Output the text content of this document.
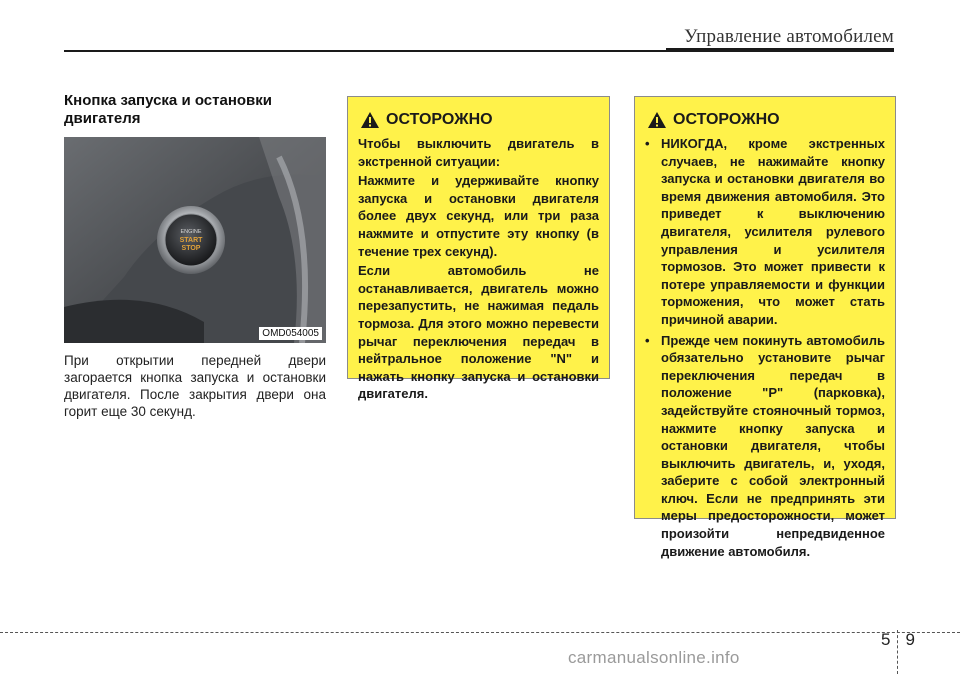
Управление автомобилем
Кнопка запуска и остановки
двигателя
ENGINE
START
STOP
OMD054005
При открытии передней двери загорается кнопка запуска и остановки двигателя. После закрытия двери она горит еще 30 секунд.
ОСТОРОЖНО

Чтобы выключить двигатель в экстренной ситуации:

Нажмите и удерживайте кнопку запуска и остановки двигателя более двух секунд, или три раза нажмите и отпустите эту кнопку (в течение трех секунд).

Если автомобиль не останавливается, двигатель можно перезапустить, не нажимая педаль тормоза. Для этого можно перевести рычаг переключения передач в нейтральное положение "N" и нажать кнопку запуска и остановки двигателя.

ОСТОРОЖНО
• НИКОГДА, кроме экстренных случаев, не нажимайте кнопку запуска и остановки двигателя во время движения автомобиля. Это приведет к выключению двигателя, усилителя рулевого управления и усилителя тормозов. Это может привести к потере управляемости и функции торможения, что может стать причиной аварии.
• Прежде чем покинуть автомобиль обязательно установите рычаг переключения передач в положение "P" (парковка), задействуйте стояночный тормоз, нажмите кнопку запуска и остановки двигателя, чтобы выключить двигатель, и, уходя, заберите с собой электронный ключ. Если не предпринять эти меры предосторожности, может произойти непредвиденное движение автомобиля.
5 9
carmanualsonline.info
